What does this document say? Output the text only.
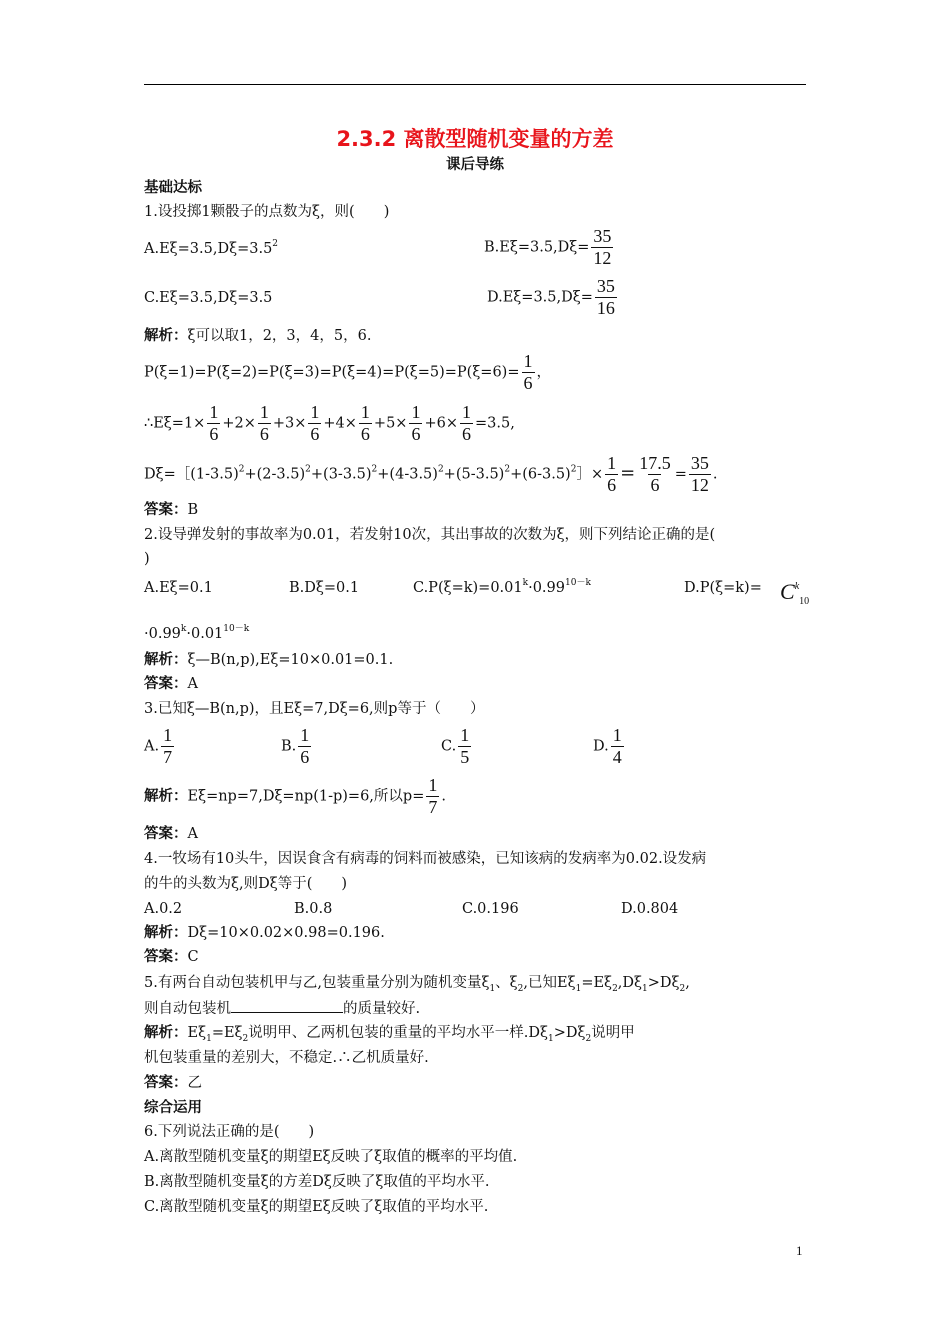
2.3.2 离散型随机变量的方差
课后导练
基础达标
1.设投掷1颗骰子的点数为ξ，则(　　)
$A.E\xi=3.5,D\xi=3.5^2$	$B.E\xi=3.5,D\xi= \frac{35}{12}$
C.Eξ=3.5,Dξ=3.5	$D.E\xi=3.5,D\xi= \frac{35}{16}$
解析：ξ可以取1，2，3，4，5，6.
$P(\xi=1)=P(\xi=2)=P(\xi=3)=P(\xi=4)=P(\xi=5)=P(\xi=6)= \frac{1}{6}$ ，
∴Eξ=1× $\frac{1}{6} +2\times \frac{1}{6} +3\times \frac{1}{6} +4\times \frac{1}{6} +5\times \frac{1}{6} +6\times \frac{1}{6} =3.5$,
$D\xi=[(1-3.5)^2+(2-3.5)^2+(3-3.5)^2+(4-3.5)^2+(5-3.5)^2+(6-3.5)^2]\times \frac{1}{6} = \frac{17.5}{6} = \frac{35}{12}$ .
答案：B
2.设导弹发射的事故率为0.01，若发射10次，其出事故的次数为ξ，则下列结论正确的是(
)
A.Eξ=0.1	B.Dξ=0.1	$C.P(\xi=k)=0.01^k\cdot 0.99^{10-k}$	$D.P(\xi=k)= C^k_{10}$
$\cdot 0.99^k\cdot 0.01^{10-k}$
解析：ξ—B(n,p),Eξ=10×0.01=0.1.
答案：A
3.已知ξ—B(n,p)，且Eξ=7,Dξ=6,则p等于（　　）
A. $\frac{1}{7}$	B. $\frac{1}{6}$	C. $\frac{1}{5}$	D. $\frac{1}{4}$
解析：Eξ=np=7,Dξ=np(1-p)=6,所以$p= \frac{1}{7}$ .
答案：A
4.一牧场有10头牛，因误食含有病毒的饲料而被感染，已知该病的发病率为0.02.设发病
的牛的头数为ξ,则Dξ等于(　　)
A.0.2	B.0.8	C.0.196	D.0.804
解析：Dξ=10×0.02×0.98=0.196.
答案：C
5.有两台自动包装机甲与乙,包装重量分别为随机变量$\xi_1$、$\xi_2$,已知$E\xi_1=E\xi_2,D\xi_1>D\xi_2$,
则自动包装机	的质量较好.
解析：$E\xi_1=E\xi_2$说明甲、乙两机包装的重量的平均水平一样$.D\xi_1>D\xi_2$说明甲
机包装重量的差别大，不稳定.∴乙机质量好.
答案：乙
综合运用
6.下列说法正确的是(　　)
A.离散型随机变量ξ的期望Eξ反映了ξ取值的概率的平均值.
B.离散型随机变量ξ的方差Dξ反映了ξ取值的平均水平.
C.离散型随机变量ξ的期望Eξ反映了ξ取值的平均水平.
1
